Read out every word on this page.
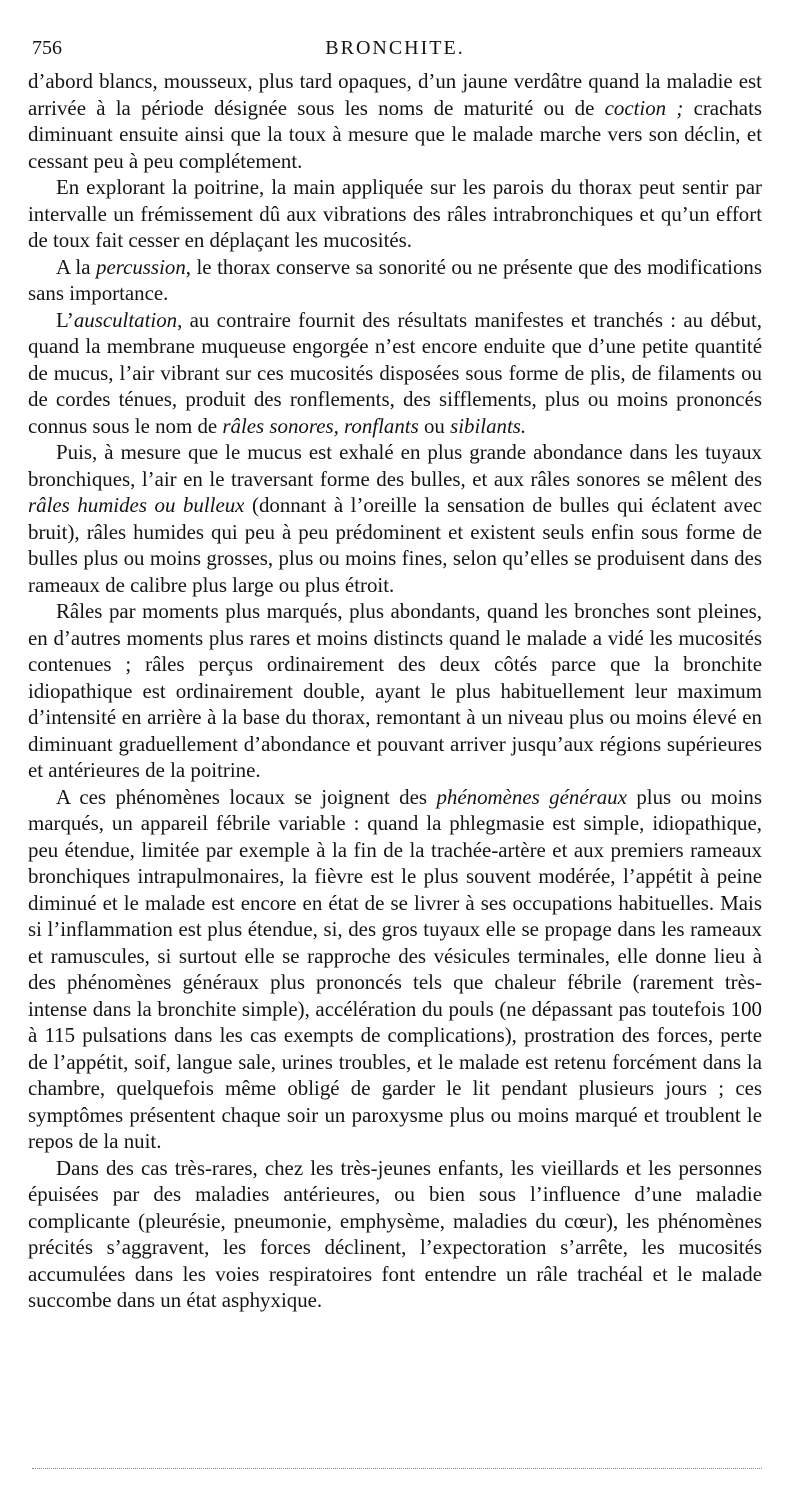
756	BRONCHITE.

d’abord blancs, mousseux, plus tard opaques, d’un jaune verdâtre quand la maladie est arrivée à la période désignée sous les noms de maturité ou de coction ; crachats diminuant ensuite ainsi que la toux à mesure que le malade marche vers son déclin, et cessant peu à peu complétement.

En explorant la poitrine, la main appliquée sur les parois du thorax peut sentir par intervalle un frémissement dû aux vibrations des râles intrabronchiques et qu’un effort de toux fait cesser en déplaçant les mucosités.

A la percussion, le thorax conserve sa sonorité ou ne présente que des modifications sans importance.

L’auscultation, au contraire fournit des résultats manifestes et tranchés : au début, quand la membrane muqueuse engorgée n’est encore enduite que d’une petite quantité de mucus, l’air vibrant sur ces mucosités disposées sous forme de plis, de filaments ou de cordes ténues, produit des ronflements, des sifflements, plus ou moins prononcés connus sous le nom de râles sonores, ronflants ou sibilants.

Puis, à mesure que le mucus est exhalé en plus grande abondance dans les tuyaux bronchiques, l’air en le traversant forme des bulles, et aux râles sonores se mêlent des râles humides ou bulleux (donnant à l’oreille la sensation de bulles qui éclatent avec bruit), râles humides qui peu à peu prédominent et existent seuls enfin sous forme de bulles plus ou moins grosses, plus ou moins fines, selon qu’elles se produisent dans des rameaux de calibre plus large ou plus étroit.

Râles par moments plus marqués, plus abondants, quand les bronches sont pleines, en d’autres moments plus rares et moins distincts quand le malade a vidé les mucosités contenues ; râles perçus ordinairement des deux côtés parce que la bronchite idiopathique est ordinairement double, ayant le plus habituellement leur maximum d’intensité en arrière à la base du thorax, remontant à un niveau plus ou moins élevé en diminuant graduellement d’abondance et pouvant arriver jusqu’aux régions supérieures et antérieures de la poitrine.

A ces phénomènes locaux se joignent des phénomènes généraux plus ou moins marqués, un appareil fébrile variable : quand la phlegmasie est simple, idiopathique, peu étendue, limitée par exemple à la fin de la trachée-artère et aux premiers rameaux bronchiques intrapulmonaires, la fièvre est le plus souvent modérée, l’appétit à peine diminué et le malade est encore en état de se livrer à ses occupations habituelles. Mais si l’inflammation est plus étendue, si, des gros tuyaux elle se propage dans les rameaux et ramuscules, si surtout elle se rapproche des vésicules terminales, elle donne lieu à des phénomènes généraux plus prononcés tels que chaleur fébrile (rarement très-intense dans la bronchite simple), accélération du pouls (ne dépassant pas toutefois 100 à 115 pulsations dans les cas exempts de complications), prostration des forces, perte de l’appétit, soif, langue sale, urines troubles, et le malade est retenu forcément dans la chambre, quelquefois même obligé de garder le lit pendant plusieurs jours ; ces symptômes présentent chaque soir un paroxysme plus ou moins marqué et troublent le repos de la nuit.

Dans des cas très-rares, chez les très-jeunes enfants, les vieillards et les personnes épuisées par des maladies antérieures, ou bien sous l’influence d’une maladie complicante (pleurésie, pneumonie, emphysème, maladies du cœur), les phénomènes précités s’aggravent, les forces déclinent, l’expectoration s’arrête, les mucosités accumulées dans les voies respiratoires font entendre un râle trachéal et le malade succombe dans un état asphyxique.
